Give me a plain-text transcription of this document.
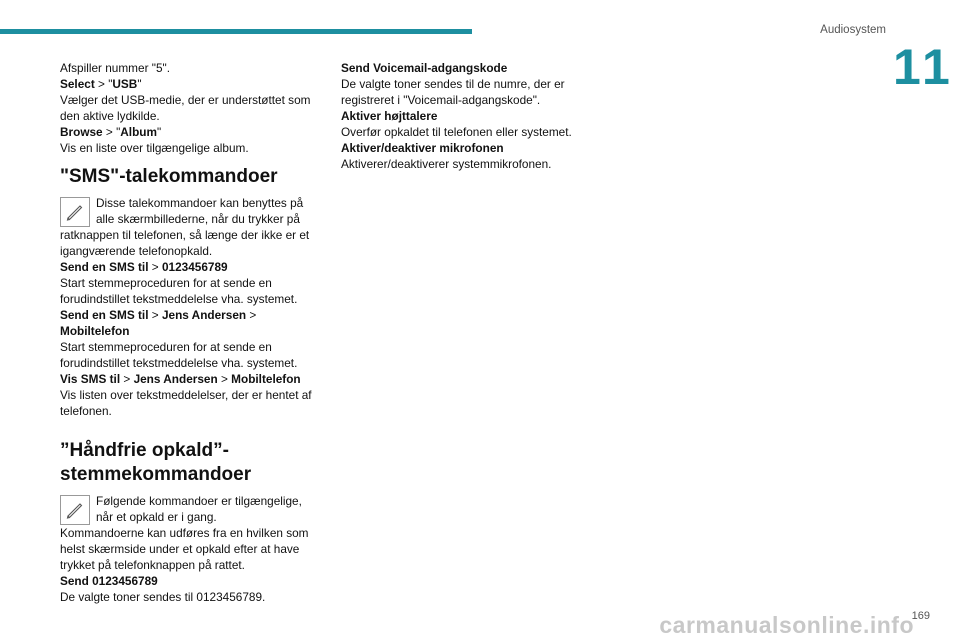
Audiosystem
11

Afspiller nummer "5".

Select > "USB"

Vælger det USB-medie, der er understøttet som den aktive lydkilde.

Browse > "Album"

Vis en liste over tilgængelige album.

"SMS"-talekommandoer
Disse talekommandoer kan benyttes på alle skærmbillederne, når du trykker på

ratknappen til telefonen, så længe der ikke er et igangværende telefonopkald.

Send en SMS til > 0123456789

Start stemmeproceduren for at sende en forudindstillet tekstmeddelelse vha. systemet.

Send en SMS til > Jens Andersen >
Mobiltelefon

Start stemmeproceduren for at sende en forudindstillet tekstmeddelelse vha. systemet.

Vis SMS til > Jens Andersen > Mobiltelefon

Vis listen over tekstmeddelelser, der er hentet af telefonen.

”Håndfrie opkald”-stemmekommandoer
Følgende kommandoer er tilgængelige, når et opkald er i gang.

Kommandoerne kan udføres fra en hvilken som helst skærmside under et opkald efter at have trykket på telefonknappen på rattet.

Send 0123456789

De valgte toner sendes til 0123456789.

Send Voicemail-adgangskode

De valgte toner sendes til de numre, der er registreret i "Voicemail-adgangskode".

Aktiver højttalere

Overfør opkaldet til telefonen eller systemet.

Aktiver/deaktiver mikrofonen

Aktiverer/deaktiverer systemmikrofonen.

169
carmanualsonline.info
